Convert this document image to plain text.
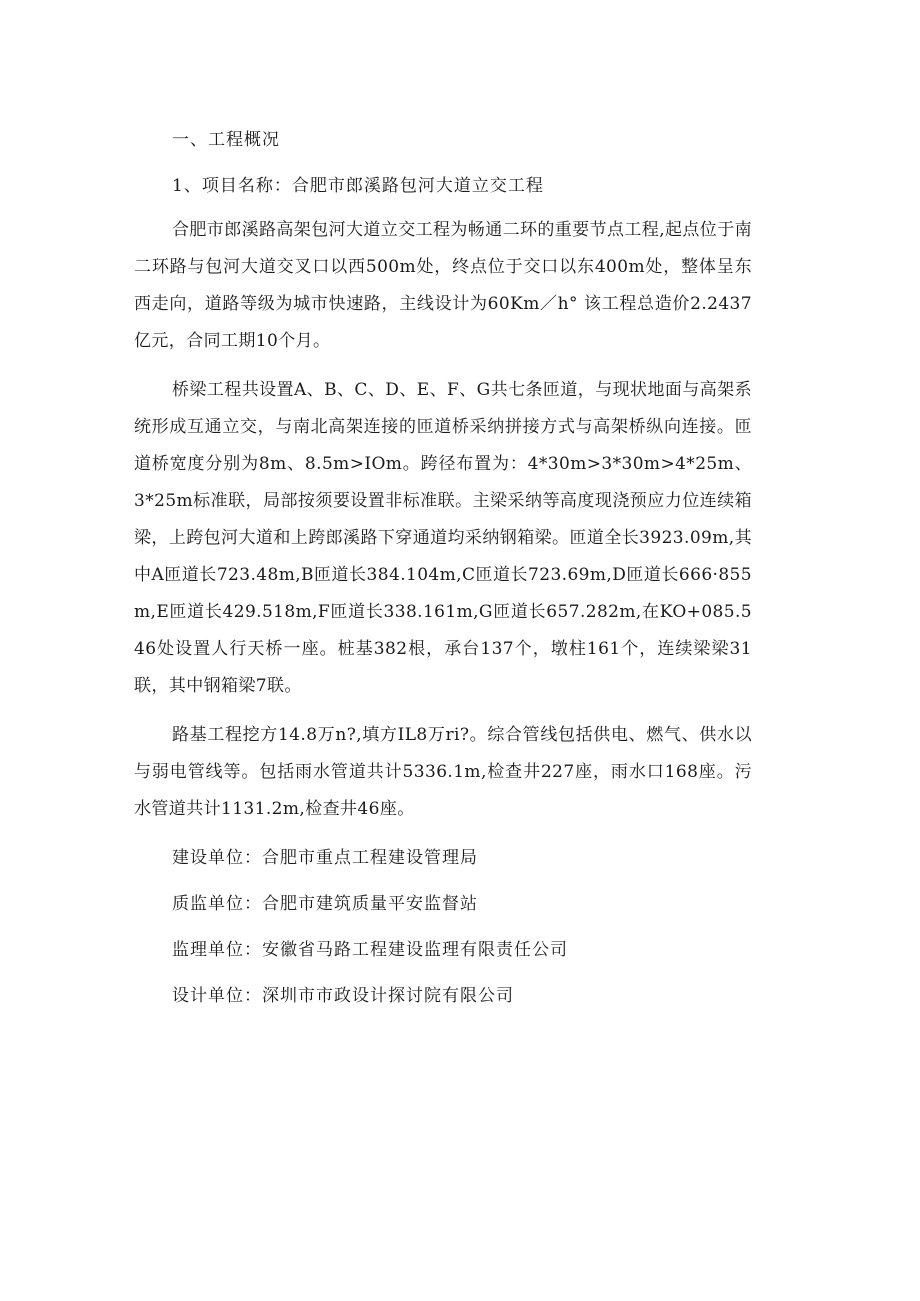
一、工程概况
1、项目名称：合肥市郎溪路包河大道立交工程

合肥市郎溪路高架包河大道立交工程为畅通二环的重要节点工程,起点位于南二环路与包河大道交叉口以西500m处，终点位于交口以东400m处，整体呈东西走向，道路等级为城市快速路，主线设计为60Km／h° 该工程总造价2.2437亿元，合同工期10个月。

桥梁工程共设置A、B、C、D、E、F、G共七条匝道，与现状地面与高架系统形成互通立交，与南北高架连接的匝道桥采纳拼接方式与高架桥纵向连接。匝道桥宽度分别为8m、8.5m>IOm。跨径布置为：4*30m>3*30m>4*25m、3*25m标准联，局部按须要设置非标准联。主梁采纳等高度现浇预应力位连续箱梁，上跨包河大道和上跨郎溪路下穿通道均采纳钢箱梁。匝道全长3923.09m,其中A匝道长723.48m,B匝道长384.104m,C匝道长723.69m,D匝道长666·855m,E匝道长429.518m,F匝道长338.161m,G匝道长657.282m,在KO+085.546处设置人行天桥一座。桩基382根，承台137个，墩柱161个，连续梁梁31联，其中钢箱梁7联。

路基工程挖方14.8万n?,填方IL8万ri?。综合管线包括供电、燃气、供水以与弱电管线等。包括雨水管道共计5336.1m,检查井227座，雨水口168座。污水管道共计1131.2m,检查井46座。

建设单位：合肥市重点工程建设管理局
质监单位：合肥市建筑质量平安监督站
监理单位：安徽省马路工程建设监理有限责任公司
设计单位：深圳市市政设计探讨院有限公司
